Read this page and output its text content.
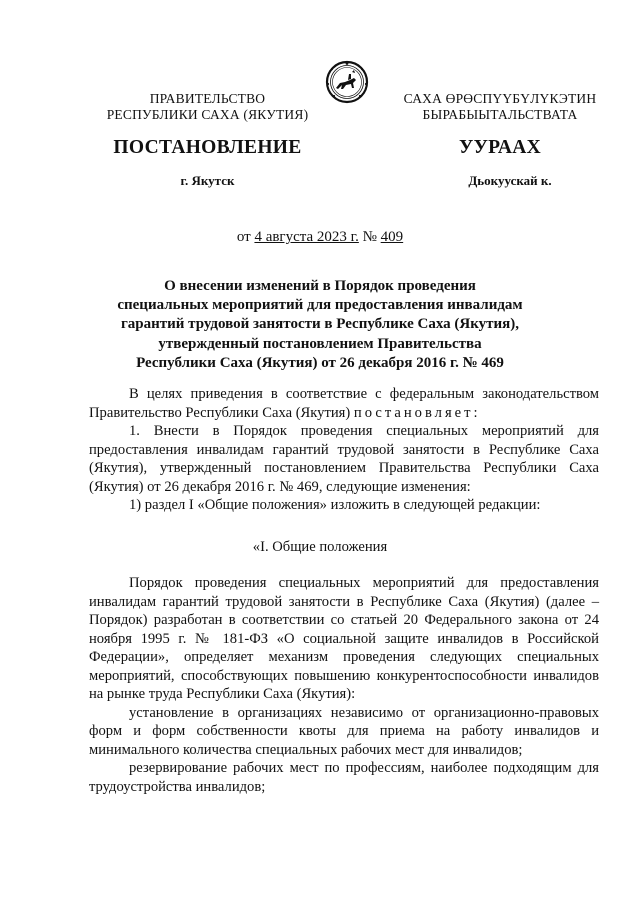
ПРАВИТЕЛЬСТВО
РЕСПУБЛИКИ САХА (ЯКУТИЯ)
САХА ӨРӨСПҮҮБҮЛҮКЭТИН
БЫРАБЫЫТАЛЬСТВАТА
ПОСТАНОВЛЕНИЕ	УУРААХ
г. Якутск	Дьокуускай к.
от 4 августа 2023 г. № 409
О внесении изменений в Порядок проведения
специальных мероприятий для предоставления инвалидам
гарантий трудовой занятости в Республике Саха (Якутия),
утвержденный постановлением Правительства
Республики Саха (Якутия) от 26 декабря 2016 г. № 469

В целях приведения в соответствие с федеральным законодательством Правительство Республики Саха (Якутия) постановляет:

1. Внести в Порядок проведения специальных мероприятий для предоставления инвалидам гарантий трудовой занятости в Республике Саха (Якутия), утвержденный постановлением Правительства Республики Саха (Якутия) от 26 декабря 2016 г. № 469, следующие изменения:

1) раздел I «Общие положения» изложить в следующей редакции:

«I. Общие положения

Порядок проведения специальных мероприятий для предоставления инвалидам гарантий трудовой занятости в Республике Саха (Якутия) (далее – Порядок) разработан в соответствии со статьей 20 Федерального закона от 24 ноября 1995 г. № 181-ФЗ «О социальной защите инвалидов в Российской Федерации», определяет механизм проведения следующих специальных мероприятий, способствующих повышению конкурентоспособности инвалидов на рынке труда Республики Саха (Якутия):

установление в организациях независимо от организационно-правовых форм и форм собственности квоты для приема на работу инвалидов и минимального количества специальных рабочих мест для инвалидов;

резервирование рабочих мест по профессиям, наиболее подходящим для трудоустройства инвалидов;
